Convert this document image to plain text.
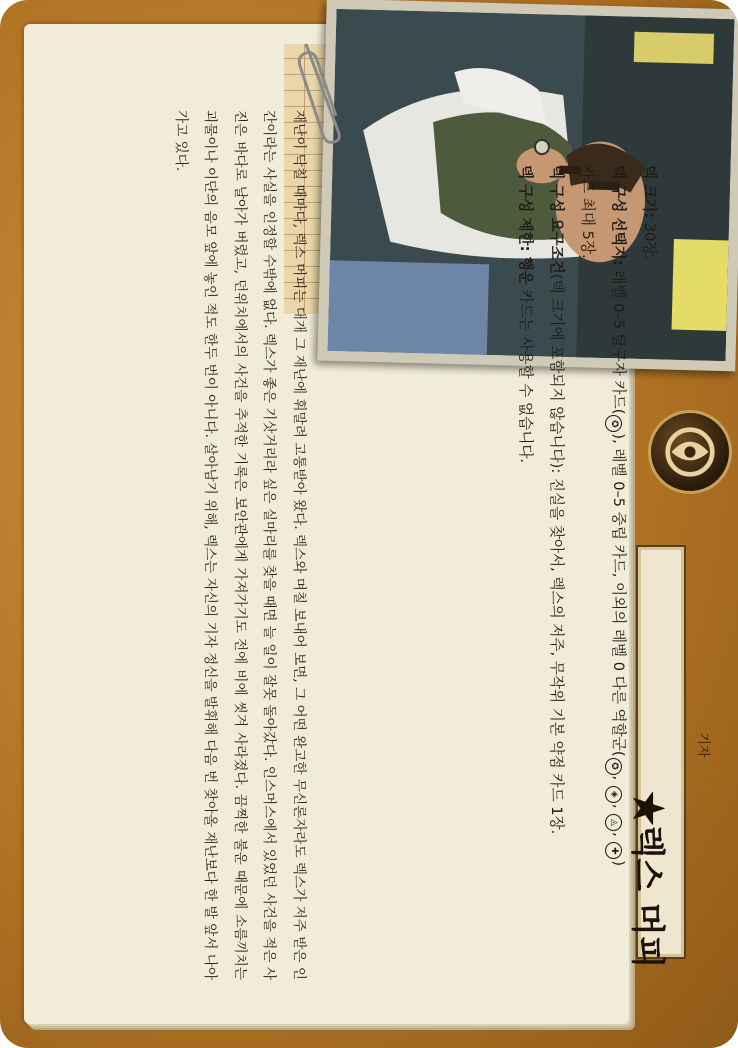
★렉스 머피
기자

덱 크기: 30장.

덱 구성 선택지: 레벨 0–5 탐구자 카드(✪), 레벨 0–5 중립 카드, 이외의 레벨 0 다른 역할군(✪, ◈, ◬, ✚) 카드 최대 5장.

덱 구성 요구조건(덱 크기에 포함되지 않습니다): 진실을 찾아서, 렉스의 저주, 무작위 기본 약점 카드 1장.

덱 구성 제한: 행운 카드는 사용할 수 없습니다.

재난이 닥칠 때마다, 렉스 머피는 대개 그 재난에 휘말려 고통받아 왔다. 렉스와 며칠 보내어 보면, 그 어떤 완고한 무신론자라도 렉스가 저주 받은 인간이라는 사실을 인정할 수밖에 없다. 렉스가 좋은 기삿거리라 싶은 실마리를 찾을 때면 늘 일이 잘못 돌아갔다. 인스머스에서 있었던 사건을 적은 사진은 바다로 날아가 버렸고, 던위치에서의 사건을 추적한 기록은 보안관에게 가져가기도 전에 비에 씻겨 사라졌다. 끔찍한 불운 때문에 소름끼치는 괴물이나 이단의 음모 앞에 놓인 적도 한두 번이 아니다. 살아남기 위해, 렉스는 자신의 기자 정신을 발휘해 다음 번 찾아올 재난보다 한 발 앞서 나아가고 있다.
